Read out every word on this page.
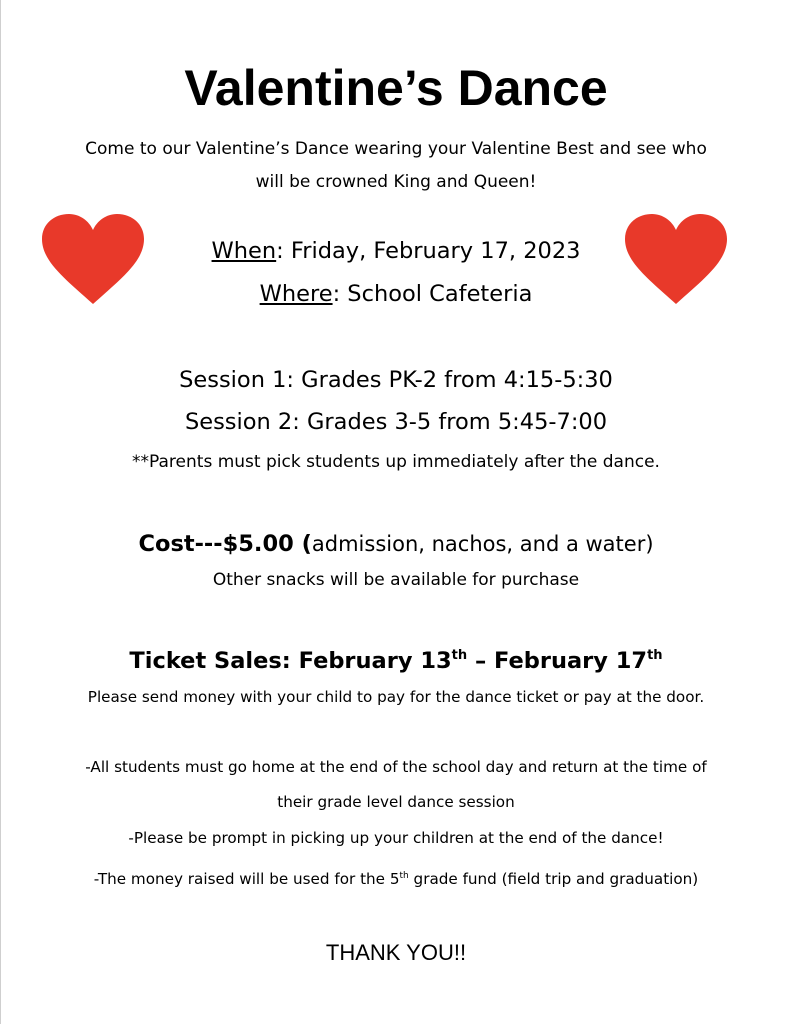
Valentine’s Dance
Come to our Valentine’s Dance wearing your Valentine Best and see who
will be crowned King and Queen!
When: Friday, February 17, 2023
Where: School Cafeteria
Session 1: Grades PK-2 from 4:15-5:30
Session 2: Grades 3-5 from 5:45-7:00
**Parents must pick students up immediately after the dance.
Cost---$5.00 (admission, nachos, and a water)
Other snacks will be available for purchase
Ticket Sales: February 13th – February 17th
Please send money with your child to pay for the dance ticket or pay at the door.
-All students must go home at the end of the school day and return at the time of
their grade level dance session
-Please be prompt in picking up your children at the end of the dance!
-The money raised will be used for the 5th grade fund (field trip and graduation)
THANK YOU!!
